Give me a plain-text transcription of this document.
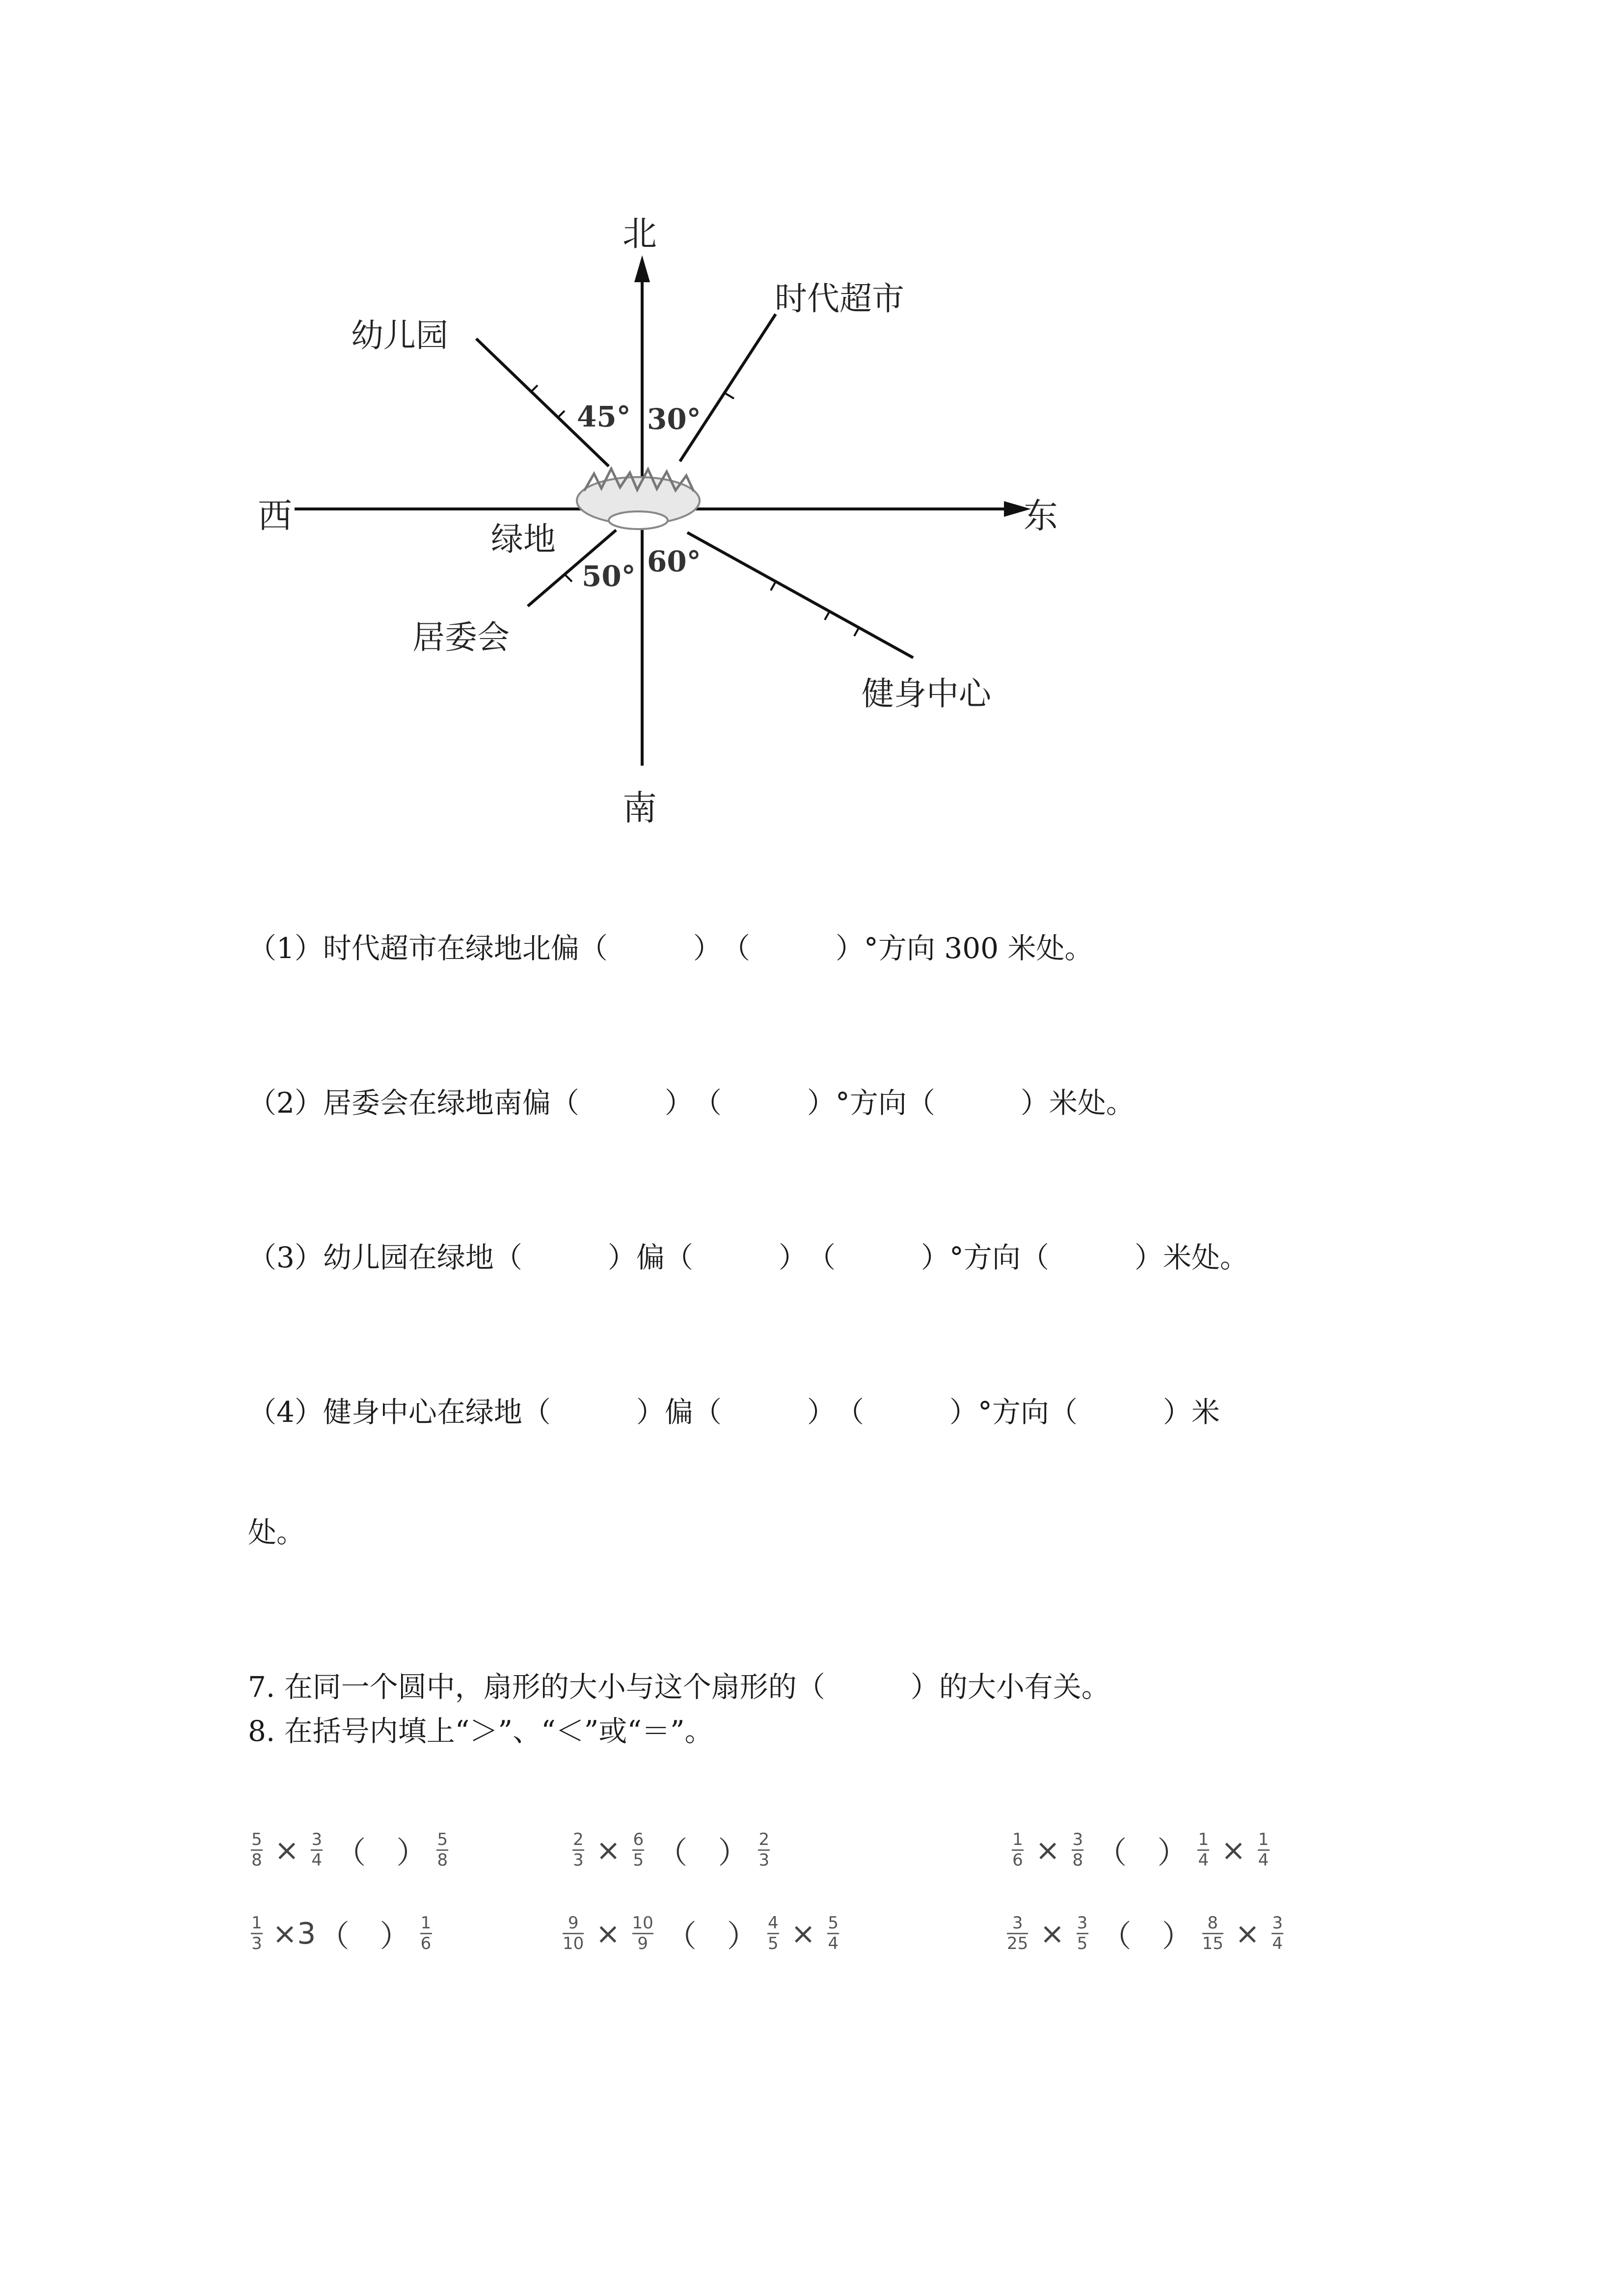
北
南
西	东
绿地
时代超市
幼儿园
居委会
健身中心
30°
45°
50° 60°
（1）时代超市在绿地北偏（　　　）　（　　　）°方向 300 米处。
（2）居委会在绿地南偏（　　　）　（　　　）°方向（　　　）米处。
（3）幼儿园在绿地（　　　）偏（　　　）　（　　　）°方向（　　　）米处。
（4）健身中心在绿地（　　　）偏（　　　）　（　　　）°方向（　　　）米
处。
7. 在同一个圆中，扇形的大小与这个扇形的（　　　）的大小有关。
8. 在括号内填上“＞”、“＜”或“＝”。
$\frac{5}{8} \times \frac{3}{4}$ （　 ） $\frac{5}{8}$	$\frac{2}{3} \times \frac{6}{5}$ （　 ） $\frac{2}{3}$	$\frac{1}{6} \times \frac{3}{8}$ （　 ） $\frac{1}{4} \times \frac{1}{4}$
$\frac{1}{3} \times 3$ （　 ） $\frac{1}{6}$	$\frac{9}{10} \times \frac{10}{9}$ （　 ） $\frac{4}{5} \times \frac{5}{4}$	$\frac{3}{25} \times \frac{3}{5}$ （　 ） $\frac{8}{15} \times \frac{3}{4}$
